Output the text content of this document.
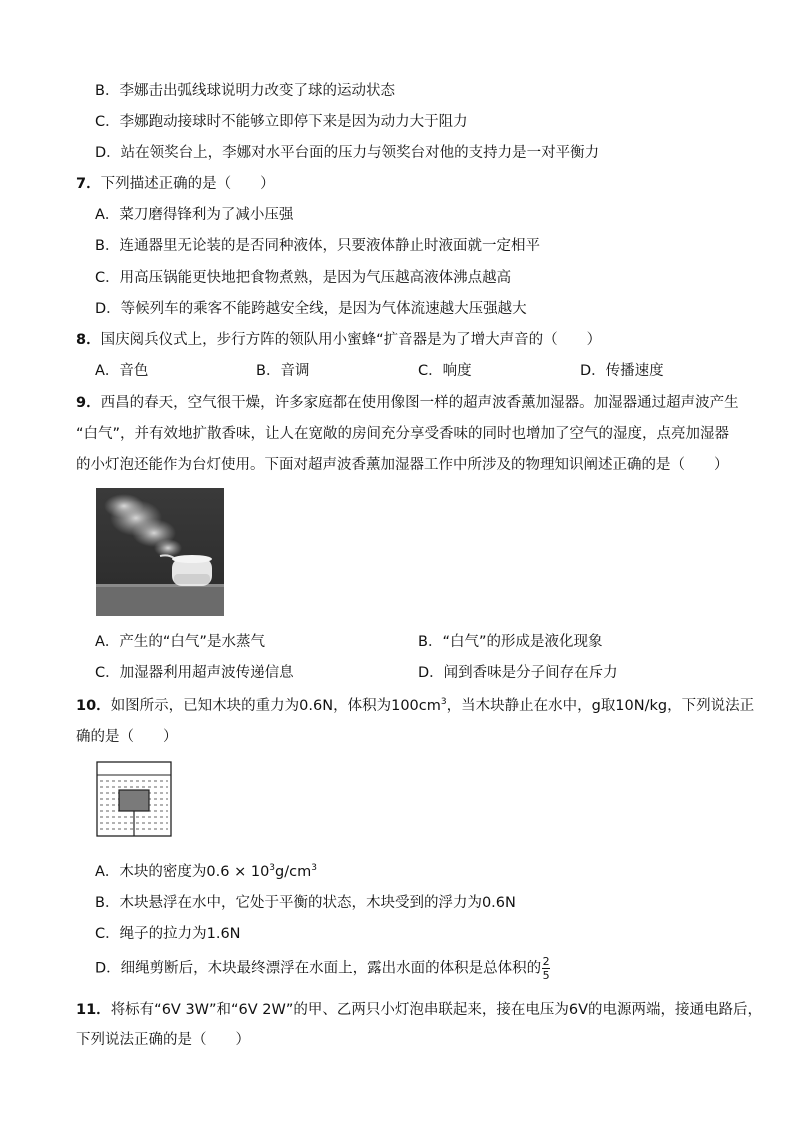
B．李娜击出弧线球说明力改变了球的运动状态
C．李娜跑动接球时不能够立即停下来是因为动力大于阻力
D．站在领奖台上，李娜对水平台面的压力与领奖台对他的支持力是一对平衡力
7．下列描述正确的是（　　）
A．菜刀磨得锋利为了减小压强
B．连通器里无论装的是否同种液体，只要液体静止时液面就一定相平
C．用高压锅能更快地把食物煮熟，是因为气压越高液体沸点越高
D．等候列车的乘客不能跨越安全线，是因为气体流速越大压强越大
8．国庆阅兵仪式上，步行方阵的领队用小蜜蜂“扩音器是为了增大声音的（　　）
A．音色	B．音调	C．响度	D．传播速度
9．西昌的春天，空气很干燥，许多家庭都在使用像图一样的超声波香薰加湿器。加湿器通过超声波产生
“白气”，并有效地扩散香味，让人在宽敞的房间充分享受香味的同时也增加了空气的湿度，点亮加湿器
的小灯泡还能作为台灯使用。下面对超声波香薰加湿器工作中所涉及的物理知识阐述正确的是（　　）
A．产生的“白气”是水蒸气	B．“白气”的形成是液化现象
C．加湿器利用超声波传递信息	D．闻到香味是分子间存在斥力
10．如图所示，已知木块的重力为0.6N，体积为$100cm^3$，当木块静止在水中，g取10N/kg，下列说法正
确的是（　　）
A．木块的密度为$0.6 \times 10^3g/cm^3$
B．木块悬浮在水中，它处于平衡的状态，木块受到的浮力为0.6N
C．绳子的拉力为1.6N
D．细绳剪断后，木块最终漂浮在水面上，露出水面的体积是总体积的 $\frac{2}{5}$
11．将标有“6V 3W”和“6V 2W”的甲、乙两只小灯泡串联起来，接在电压为6V的电源两端，接通电路后，
下列说法正确的是（　　）
